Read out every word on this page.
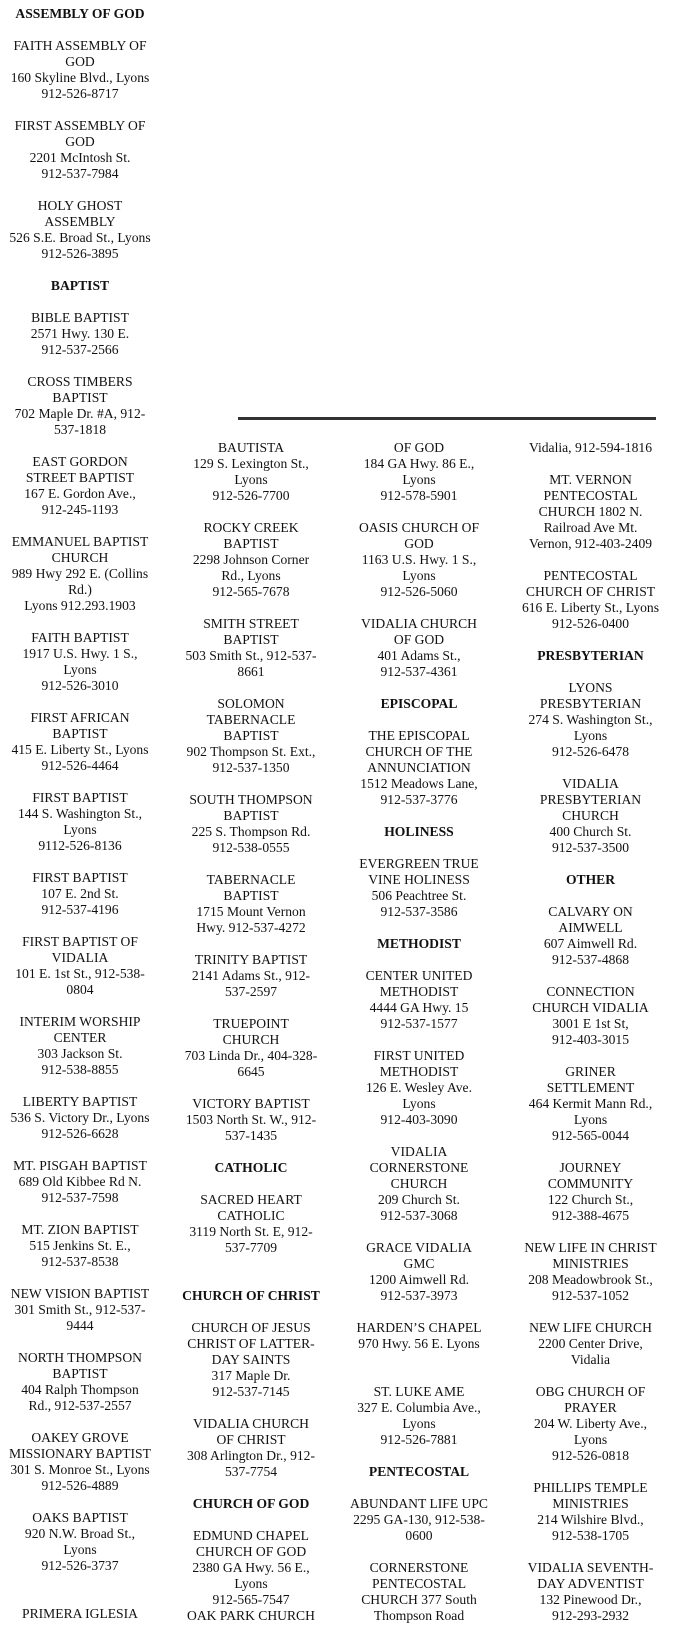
ASSEMBLY OF GOD
FAITH ASSEMBLY OF
GOD
160 Skyline Blvd., Lyons
912-526-8717
FIRST ASSEMBLY OF
GOD
2201 McIntosh St.
912-537-7984
HOLY GHOST
ASSEMBLY
526 S.E. Broad St., Lyons
912-526-3895
BAPTIST
BIBLE BAPTIST
2571 Hwy. 130 E.
912-537-2566
CROSS TIMBERS
BAPTIST
702 Maple Dr. #A, 912-
537-1818
EAST GORDON
STREET BAPTIST
167 E. Gordon Ave.,
912-245-1193
EMMANUEL BAPTIST
CHURCH
989 Hwy 292 E. (Collins
Rd.)
Lyons 912.293.1903
FAITH BAPTIST
1917 U.S. Hwy. 1 S.,
Lyons
912-526-3010
FIRST AFRICAN
BAPTIST
415 E. Liberty St., Lyons
912-526-4464
FIRST BAPTIST
144 S. Washington St.,
Lyons
9112-526-8136
FIRST BAPTIST
107 E. 2nd St.
912-537-4196
FIRST BAPTIST OF
VIDALIA
101 E. 1st St., 912-538-
0804
INTERIM WORSHIP
CENTER
303 Jackson St.
912-538-8855
LIBERTY BAPTIST
536 S. Victory Dr., Lyons
912-526-6628
MT. PISGAH BAPTIST
689 Old Kibbee Rd N.
912-537-7598
MT. ZION BAPTIST
515 Jenkins St. E.,
912-537-8538
NEW VISION BAPTIST
301 Smith St., 912-537-
9444
NORTH THOMPSON
BAPTIST
404 Ralph Thompson
Rd., 912-537-2557
OAKEY GROVE
MISSIONARY BAPTIST
301 S. Monroe St., Lyons
912-526-4889
OAKS BAPTIST
920 N.W. Broad St.,
Lyons
912-526-3737

PRIMERA IGLESIA
BAUTISTA
129 S. Lexington St.,
Lyons
912-526-7700
ROCKY CREEK
BAPTIST
2298 Johnson Corner
Rd., Lyons
912-565-7678
SMITH STREET
BAPTIST
503 Smith St., 912-537-
8661
SOLOMON
TABERNACLE
BAPTIST
902 Thompson St. Ext.,
912-537-1350
SOUTH THOMPSON
BAPTIST
225 S. Thompson Rd.
912-538-0555
TABERNACLE
BAPTIST
1715 Mount Vernon
Hwy. 912-537-4272
TRINITY BAPTIST
2141 Adams St., 912-
537-2597
TRUEPOINT
CHURCH
703 Linda Dr., 404-328-
6645
VICTORY BAPTIST
1503 North St. W., 912-
537-1435
CATHOLIC
SACRED HEART
CATHOLIC
3119 North St. E, 912-
537-7709

CHURCH OF CHRIST
CHURCH OF JESUS
CHRIST OF LATTER-
DAY SAINTS
317 Maple Dr.
912-537-7145
VIDALIA CHURCH
OF CHRIST
308 Arlington Dr., 912-
537-7754
CHURCH OF GOD
EDMUND CHAPEL
CHURCH OF GOD
2380 GA Hwy. 56 E.,
Lyons
912-565-7547
OAK PARK CHURCH
OF GOD
184 GA Hwy. 86 E.,
Lyons
912-578-5901
OASIS CHURCH OF
GOD
1163 U.S. Hwy. 1 S.,
Lyons
912-526-5060
VIDALIA CHURCH
OF GOD
401 Adams St.,
912-537-4361
EPISCOPAL
THE EPISCOPAL
CHURCH OF THE
ANNUNCIATION
1512 Meadows Lane,
912-537-3776
HOLINESS
EVERGREEN TRUE
VINE HOLINESS
506 Peachtree St.
912-537-3586
METHODIST
CENTER UNITED
METHODIST
4444 GA Hwy. 15
912-537-1577
FIRST UNITED
METHODIST
126 E. Wesley Ave.
Lyons
912-403-3090
VIDALIA
CORNERSTONE
CHURCH
209 Church St.
912-537-3068
GRACE VIDALIA
GMC
1200 Aimwell Rd.
912-537-3973
HARDEN’S CHAPEL
970 Hwy. 56 E. Lyons

ST. LUKE AME
327 E. Columbia Ave.,
Lyons
912-526-7881
PENTECOSTAL
ABUNDANT LIFE UPC
2295 GA-130, 912-538-
0600
CORNERSTONE
PENTECOSTAL
CHURCH 377 South
Thompson Road
Vidalia, 912-594-1816
MT. VERNON
PENTECOSTAL
CHURCH 1802 N.
Railroad Ave Mt.
Vernon, 912-403-2409
PENTECOSTAL
CHURCH OF CHRIST
616 E. Liberty St., Lyons
912-526-0400
PRESBYTERIAN
LYONS
PRESBYTERIAN
274 S. Washington St.,
Lyons
912-526-6478
VIDALIA
PRESBYTERIAN
CHURCH
400 Church St.
912-537-3500
OTHER
CALVARY ON
AIMWELL
607 Aimwell Rd.
912-537-4868
CONNECTION
CHURCH VIDALIA
3001 E 1st St,
912-403-3015
GRINER
SETTLEMENT
464 Kermit Mann Rd.,
Lyons
912-565-0044
JOURNEY
COMMUNITY
122 Church St.,
912-388-4675
NEW LIFE IN CHRIST
MINISTRIES
208 Meadowbrook St.,
912-537-1052
NEW LIFE CHURCH
2200 Center Drive,
Vidalia
OBG CHURCH OF
PRAYER
204 W. Liberty Ave.,
Lyons
912-526-0818
PHILLIPS TEMPLE
MINISTRIES
214 Wilshire Blvd.,
912-538-1705
VIDALIA SEVENTH-
DAY ADVENTIST
132 Pinewood Dr.,
912-293-2932
